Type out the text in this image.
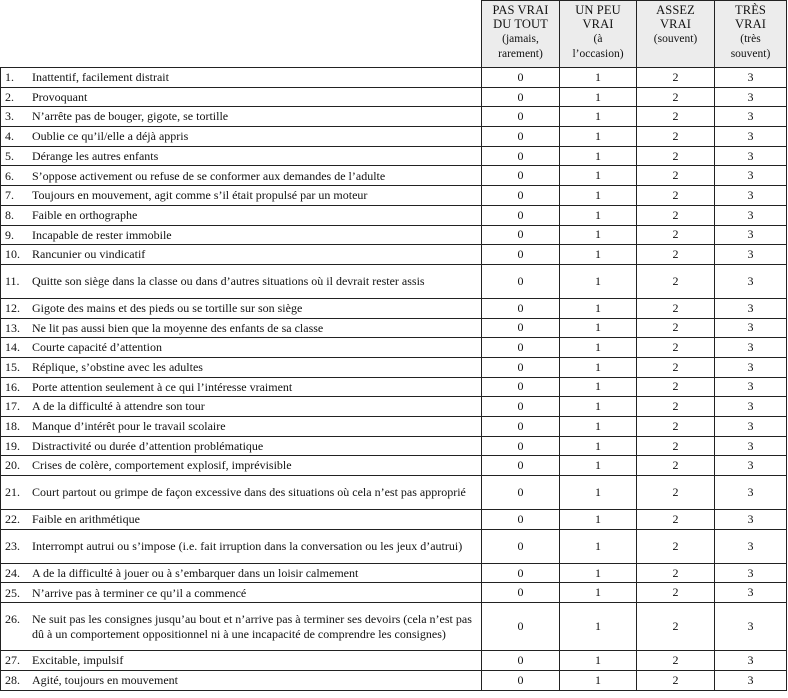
	PAS VRAI
DU TOUT
(jamais,
rarement)	UN PEU
VRAI
(à
l’occasion)	ASSEZ
VRAI
(souvent)	TRÈS
VRAI
(très
souvent)

1. Inattentif, facilement distrait	0	1	2	3
2. Provoquant	0	1	2	3
3. N’arrête pas de bouger, gigote, se tortille	0	1	2	3
4. Oublie ce qu’il/elle a déjà appris	0	1	2	3
5. Dérange les autres enfants	0	1	2	3
6. S’oppose activement ou refuse de se conformer aux demandes de l’adulte	0	1	2	3
7. Toujours en mouvement, agit comme s’il était propulsé par un moteur	0	1	2	3
8. Faible en orthographe	0	1	2	3
9. Incapable de rester immobile	0	1	2	3
10. Rancunier ou vindicatif	0	1	2	3
11. Quitte son siège dans la classe ou dans d’autres situations où il devrait rester assis	0	1	2	3
12. Gigote des mains et des pieds ou se tortille sur son siège	0	1	2	3
13. Ne lit pas aussi bien que la moyenne des enfants de sa classe	0	1	2	3
14. Courte capacité d’attention	0	1	2	3
15. Réplique, s’obstine avec les adultes	0	1	2	3
16. Porte attention seulement à ce qui l’intéresse vraiment	0	1	2	3
17. A de la difficulté à attendre son tour	0	1	2	3
18. Manque d’intérêt pour le travail scolaire	0	1	2	3
19. Distractivité ou durée d’attention problématique	0	1	2	3
20. Crises de colère, comportement explosif, imprévisible	0	1	2	3
21. Court partout ou grimpe de façon excessive dans des situations où cela n’est pas approprié	0	1	2	3
22. Faible en arithmétique	0	1	2	3
23. Interrompt autrui ou s’impose (i.e. fait irruption dans la conversation ou les jeux d’autrui)	0	1	2	3
24. A de la difficulté à jouer ou à s’embarquer dans un loisir calmement	0	1	2	3
25. N’arrive pas à terminer ce qu’il a commencé	0	1	2	3
26. Ne suit pas les consignes jusqu’au bout et n’arrive pas à terminer ses devoirs (cela n’est pas dû à un comportement oppositionnel ni à une incapacité de comprendre les consignes)	0	1	2	3
27. Excitable, impulsif	0	1	2	3
28. Agité, toujours en mouvement	0	1	2	3
